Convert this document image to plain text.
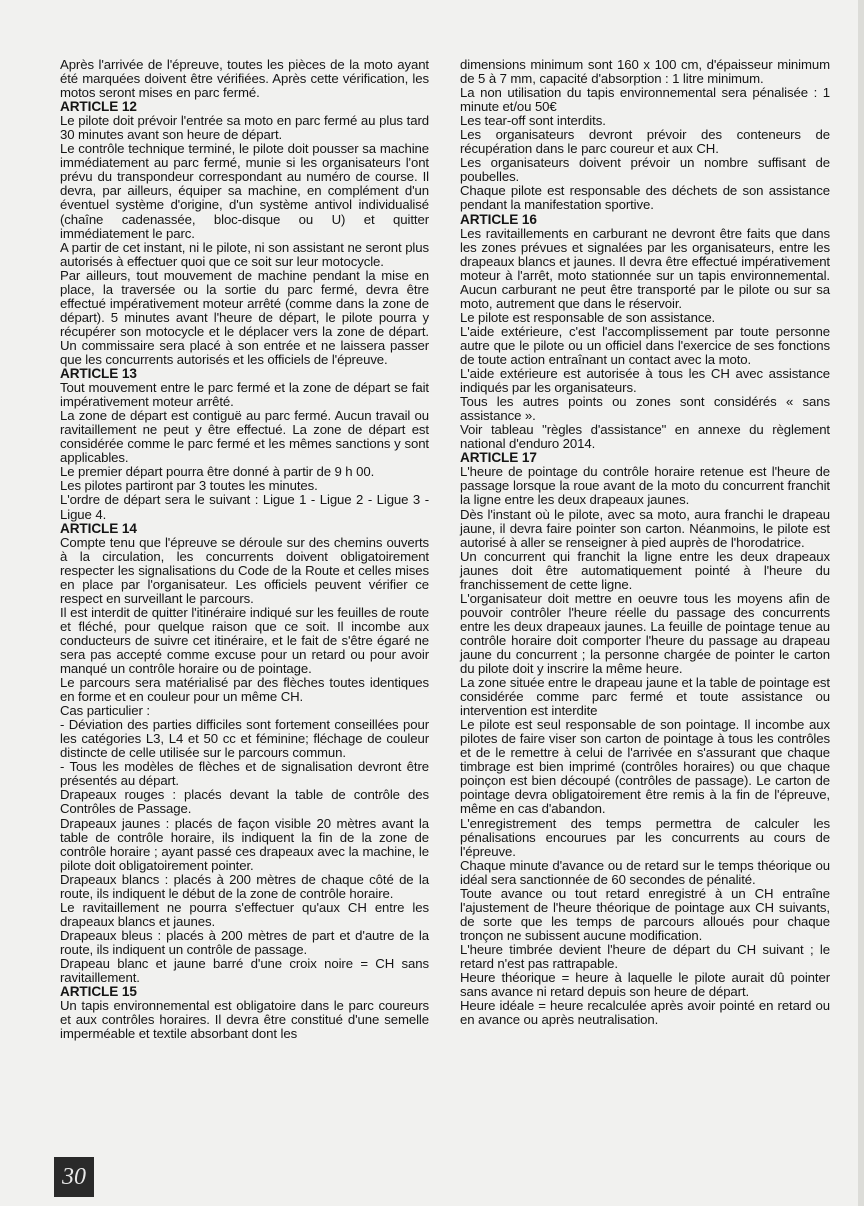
Après l'arrivée de l'épreuve, toutes les pièces de la moto ayant été marquées doivent être vérifiées. Après cette vérification, les motos seront mises en parc fermé.

ARTICLE 12

Le pilote doit prévoir l'entrée sa moto en parc fermé au plus tard 30 minutes avant son heure de départ.

Le contrôle technique terminé, le pilote doit pousser sa machine immédiatement au parc fermé, munie si les organisateurs l'ont prévu du transpondeur correspondant au numéro de course. Il devra, par ailleurs, équiper sa machine, en complément d'un éventuel système d'origine, d'un système antivol individualisé (chaîne cadenassée, bloc-disque ou U) et quitter immédiatement le parc.

A partir de cet instant, ni le pilote, ni son assistant ne seront plus autorisés à effectuer quoi que ce soit sur leur motocycle.

Par ailleurs, tout mouvement de machine pendant la mise en place, la traversée ou la sortie du parc fermé, devra être effectué impérativement moteur arrêté (comme dans la zone de départ). 5 minutes avant l'heure de départ, le pilote pourra y récupérer son motocycle et le déplacer vers la zone de départ. Un commissaire sera placé à son entrée et ne laissera passer que les concurrents autorisés et les officiels de l'épreuve.

ARTICLE 13

Tout mouvement entre le parc fermé et la zone de départ se fait impérativement moteur arrêté.

La zone de départ est contiguë au parc fermé. Aucun travail ou ravitaillement ne peut y être effectué. La zone de départ est considérée comme le parc fermé et les mêmes sanctions y sont applicables.

Le premier départ pourra être donné à partir de 9 h 00.

Les pilotes partiront par 3 toutes les minutes.

L'ordre de départ sera le suivant : Ligue 1 - Ligue 2 - Ligue 3 - Ligue 4.

ARTICLE 14

Compte tenu que l'épreuve se déroule sur des chemins ouverts à la circulation, les concurrents doivent obligatoirement respecter les signalisations du Code de la Route et celles mises en place par l'organisateur. Les officiels peuvent vérifier ce respect en surveillant le parcours.

Il est interdit de quitter l'itinéraire indiqué sur les feuilles de route et fléché, pour quelque raison que ce soit. Il incombe aux conducteurs de suivre cet itinéraire, et le fait de s'être égaré ne sera pas accepté comme excuse pour un retard ou pour avoir manqué un contrôle horaire ou de pointage.

Le parcours sera matérialisé par des flèches toutes identiques en forme et en couleur pour un même CH.

Cas particulier :

- Déviation des parties difficiles sont fortement conseillées pour les catégories L3, L4 et 50 cc et féminine; fléchage de couleur distincte de celle utilisée sur le parcours commun.

- Tous les modèles de flèches et de signalisation devront être présentés au départ.

Drapeaux rouges : placés devant la table de contrôle des Contrôles de Passage.

Drapeaux jaunes : placés de façon visible 20 mètres avant la table de contrôle horaire, ils indiquent la fin de la zone de contrôle horaire ; ayant passé ces drapeaux avec la machine, le pilote doit obligatoirement pointer.

Drapeaux blancs : placés à 200 mètres de chaque côté de la route, ils indiquent le début de la zone de contrôle horaire.

Le ravitaillement ne pourra s'effectuer qu'aux CH entre les drapeaux blancs et jaunes.

Drapeaux bleus : placés à 200 mètres de part et d'autre de la route, ils indiquent un contrôle de passage.

Drapeau blanc et jaune barré d'une croix noire = CH sans ravitaillement.

ARTICLE 15

Un tapis environnemental est obligatoire dans le parc coureurs et aux contrôles horaires. Il devra être constitué d'une semelle imperméable et textile absorbant dont les

dimensions minimum sont 160 x 100 cm, d'épaisseur minimum de 5 à 7 mm, capacité d'absorption : 1 litre minimum.

La non utilisation du tapis environnemental sera pénalisée : 1 minute et/ou 50€

Les tear-off sont interdits.

Les organisateurs devront prévoir des conteneurs de récupération dans le parc coureur et aux CH.

Les organisateurs doivent prévoir un nombre suffisant de poubelles.

Chaque pilote est responsable des déchets de son assistance pendant la manifestation sportive.

ARTICLE 16

Les ravitaillements en carburant ne devront être faits que dans les zones prévues et signalées par les organisateurs, entre les drapeaux blancs et jaunes. Il devra être effectué impérativement moteur à l'arrêt, moto stationnée sur un tapis environnemental. Aucun carburant ne peut être transporté par le pilote ou sur sa moto, autrement que dans le réservoir.

Le pilote est responsable de son assistance.

L'aide extérieure, c'est l'accomplissement par toute personne autre que le pilote ou un officiel dans l'exercice de ses fonctions de toute action entraînant un contact avec la moto.

L'aide extérieure est autorisée à tous les CH avec assistance indiqués par les organisateurs.

Tous les autres points ou zones sont considérés « sans assistance ».

Voir tableau "règles d'assistance" en annexe du règlement national d'enduro 2014.

ARTICLE 17

L'heure de pointage du contrôle horaire retenue est l'heure de passage lorsque la roue avant de la moto du concurrent franchit la ligne entre les deux drapeaux jaunes.

Dès l'instant où le pilote, avec sa moto, aura franchi le drapeau jaune, il devra faire pointer son carton. Néanmoins, le pilote est autorisé à aller se renseigner à pied auprès de l'horodatrice.

Un concurrent qui franchit la ligne entre les deux drapeaux jaunes doit être automatiquement pointé à l'heure du franchissement de cette ligne.

L'organisateur doit mettre en oeuvre tous les moyens afin de pouvoir contrôler l'heure réelle du passage des concurrents entre les deux drapeaux jaunes. La feuille de pointage tenue au contrôle horaire doit comporter l'heure du passage au drapeau jaune du concurrent ; la personne chargée de pointer le carton du pilote doit y inscrire la même heure.

La zone située entre le drapeau jaune et la table de pointage est considérée comme parc fermé et toute assistance ou intervention est interdite

Le pilote est seul responsable de son pointage. Il incombe aux pilotes de faire viser son carton de pointage à tous les contrôles et de le remettre à celui de l'arrivée en s'assurant que chaque timbrage est bien imprimé (contrôles horaires) ou que chaque poinçon est bien découpé (contrôles de passage). Le carton de pointage devra obligatoirement être remis à la fin de l'épreuve, même en cas d'abandon.

L'enregistrement des temps permettra de calculer les pénalisations encourues par les concurrents au cours de l'épreuve.

Chaque minute d'avance ou de retard sur le temps théorique ou idéal sera sanctionnée de 60 secondes de pénalité.

Toute avance ou tout retard enregistré à un CH entraîne l'ajustement de l'heure théorique de pointage aux CH suivants, de sorte que les temps de parcours alloués pour chaque tronçon ne subissent aucune modification.

L'heure timbrée devient l'heure de départ du CH suivant ; le retard n'est pas rattrapable.

Heure théorique = heure à laquelle le pilote aurait dû pointer sans avance ni retard depuis son heure de départ.

Heure idéale = heure recalculée après avoir pointé en retard ou en avance ou après neutralisation.

30
